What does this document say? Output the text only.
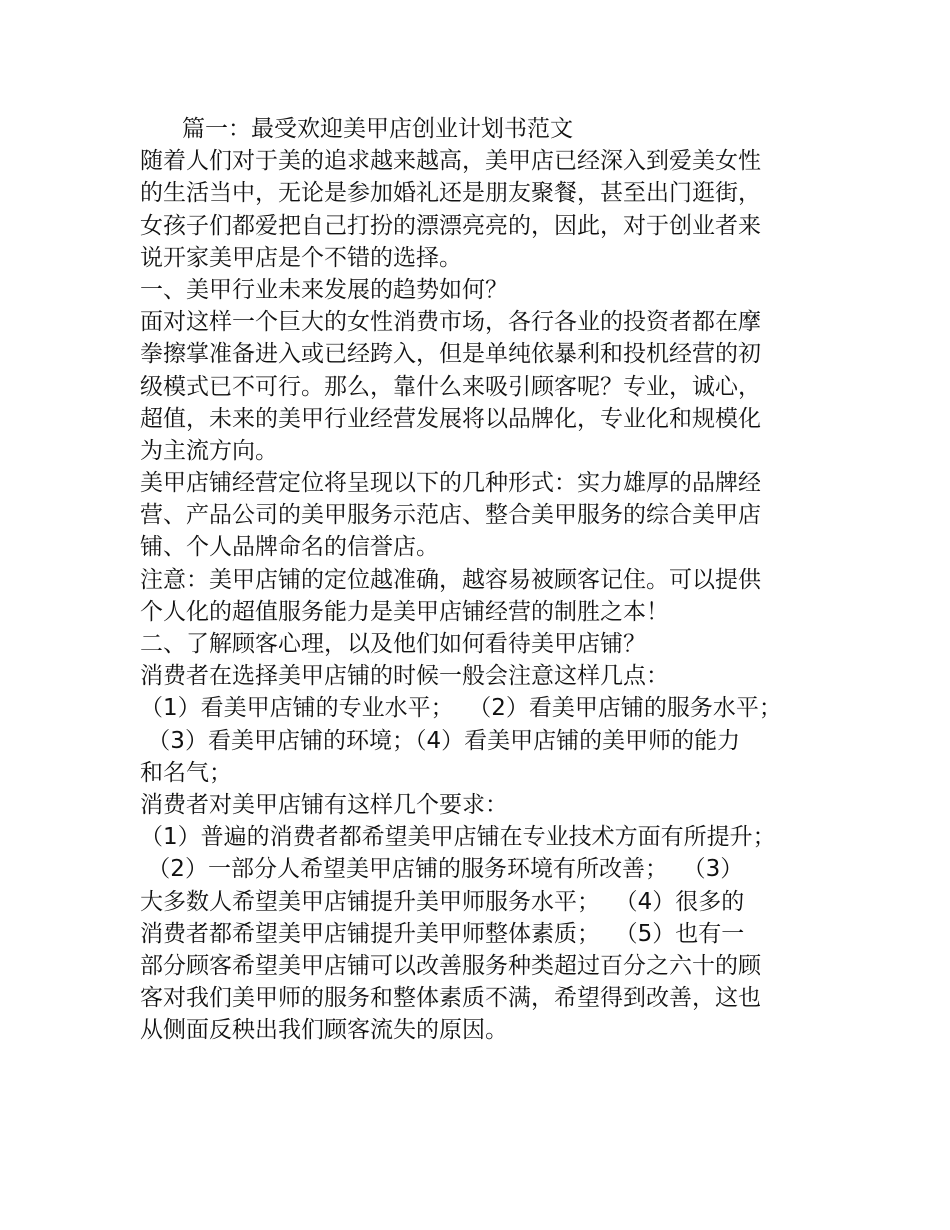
篇一：最受欢迎美甲店创业计划书范文
随着人们对于美的追求越来越高，美甲店已经深入到爱美女性
的生活当中，无论是参加婚礼还是朋友聚餐，甚至出门逛街，
女孩子们都爱把自己打扮的漂漂亮亮的，因此，对于创业者来
说开家美甲店是个不错的选择。
一、美甲行业未来发展的趋势如何？
面对这样一个巨大的女性消费市场，各行各业的投资者都在摩
拳擦掌准备进入或已经跨入，但是单纯依暴利和投机经营的初
级模式已不可行。那么，靠什么来吸引顾客呢？专业，诚心，
超值，未来的美甲行业经营发展将以品牌化，专业化和规模化
为主流方向。
美甲店铺经营定位将呈现以下的几种形式：实力雄厚的品牌经
营、产品公司的美甲服务示范店、整合美甲服务的综合美甲店
铺、个人品牌命名的信誉店。
注意：美甲店铺的定位越准确，越容易被顾客记住。可以提供
个人化的超值服务能力是美甲店铺经营的制胜之本！
二、了解顾客心理，以及他们如何看待美甲店铺？
消费者在选择美甲店铺的时候一般会注意这样几点：
（1）看美甲店铺的专业水平；  （2）看美甲店铺的服务水平；
（3）看美甲店铺的环境；（4）看美甲店铺的美甲师的能力
和名气；
消费者对美甲店铺有这样几个要求：
（1）普遍的消费者都希望美甲店铺在专业技术方面有所提升；
（2）一部分人希望美甲店铺的服务环境有所改善；  （3）
大多数人希望美甲店铺提升美甲师服务水平；  （4）很多的
消费者都希望美甲店铺提升美甲师整体素质；  （5）也有一
部分顾客希望美甲店铺可以改善服务种类超过百分之六十的顾
客对我们美甲师的服务和整体素质不满，希望得到改善，这也
从侧面反秧出我们顾客流失的原因。
